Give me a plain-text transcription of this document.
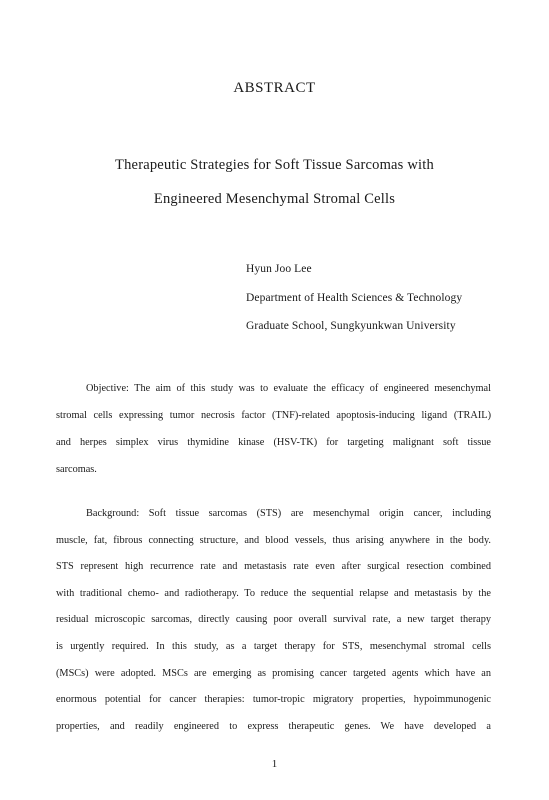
ABSTRACT
Therapeutic Strategies for Soft Tissue Sarcomas with
Engineered Mesenchymal Stromal Cells
Hyun Joo Lee
Department of Health Sciences & Technology
Graduate School, Sungkyunkwan University
Objective: The aim of this study was to evaluate the efficacy of engineered mesenchymal
stromal cells expressing tumor necrosis factor (TNF)-related apoptosis-inducing ligand (TRAIL)
and herpes simplex virus thymidine kinase (HSV-TK) for targeting malignant soft tissue
sarcomas.
Background: Soft tissue sarcomas (STS) are mesenchymal origin cancer, including
muscle, fat, fibrous connecting structure, and blood vessels, thus arising anywhere in the body.
STS represent high recurrence rate and metastasis rate even after surgical resection combined
with traditional chemo- and radiotherapy. To reduce the sequential relapse and metastasis by the
residual microscopic sarcomas, directly causing poor overall survival rate, a new target therapy
is urgently required. In this study, as a target therapy for STS, mesenchymal stromal cells
(MSCs) were adopted. MSCs are emerging as promising cancer targeted agents which have an
enormous potential for cancer therapies: tumor-tropic migratory properties, hypoimmunogenic
properties, and readily engineered to express therapeutic genes. We have developed a
1
